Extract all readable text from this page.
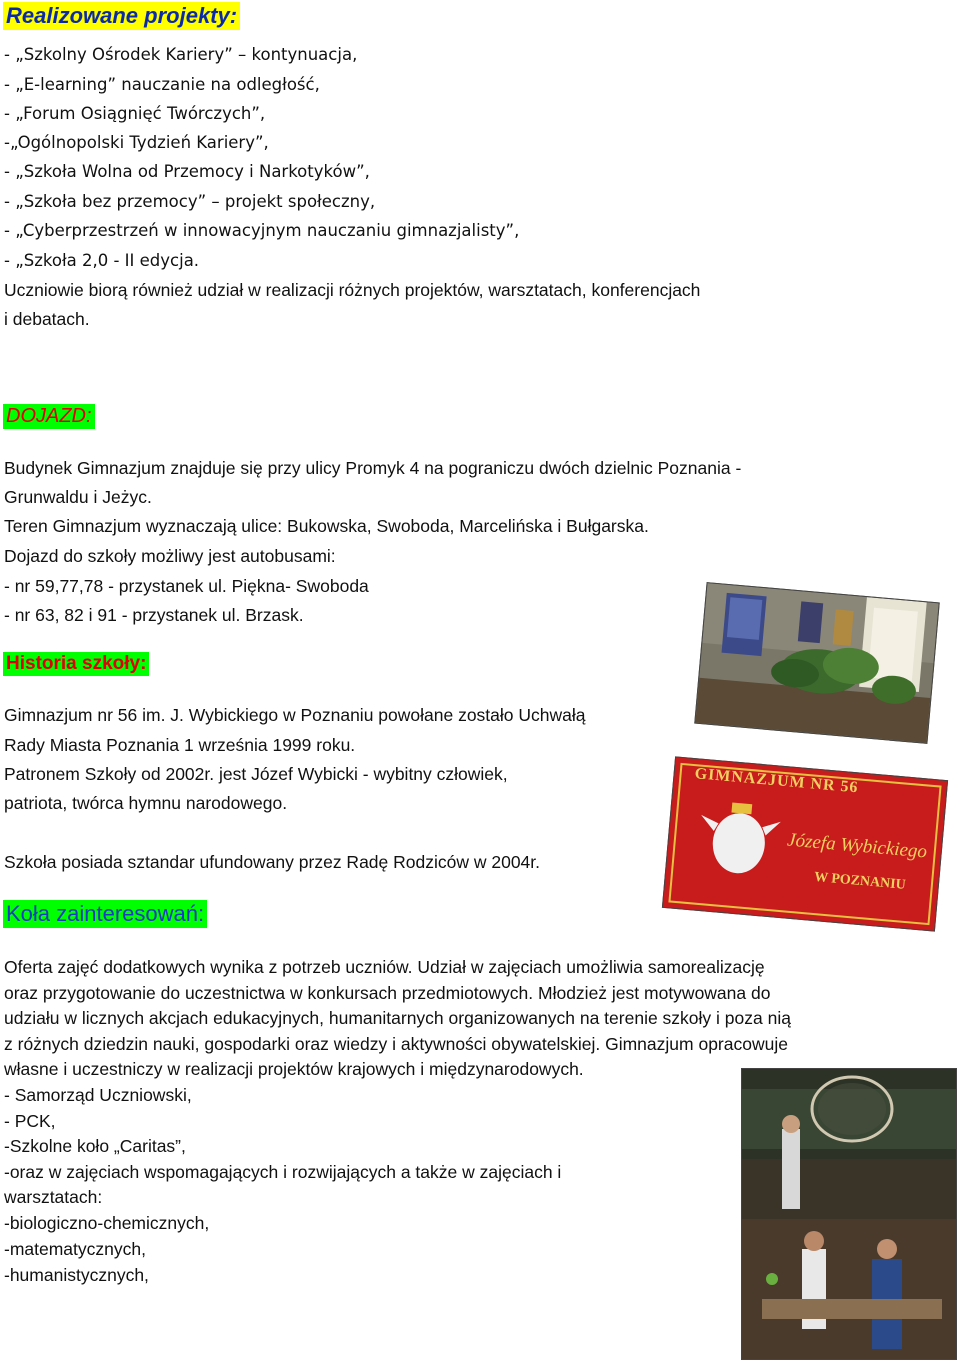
Realizowane projekty:
- „Szkolny Ośrodek Kariery” – kontynuacja,
- „E-learning” nauczanie na odległość,
- „Forum Osiągnięć Twórczych”,
-„Ogólnopolski Tydzień Kariery”,
- „Szkoła Wolna od Przemocy i Narkotyków”,
- „Szkoła bez przemocy” – projekt społeczny,
- „Cyberprzestrzeń w innowacyjnym nauczaniu gimnazjalisty”,
- „Szkoła 2,0 - II edycja.
Uczniowie biorą również udział w realizacji różnych projektów, warsztatach, konferencjach
i debatach.
DOJAZD:
Budynek Gimnazjum znajduje się przy ulicy Promyk 4 na pograniczu dwóch dzielnic Poznania -
Grunwaldu i Jeżyc.
Teren Gimnazjum wyznaczają ulice: Bukowska, Swoboda, Marcelińska i Bułgarska.
Dojazd do szkoły możliwy jest autobusami:
- nr 59,77,78 - przystanek ul. Piękna- Swoboda
- nr 63, 82 i 91 - przystanek ul. Brzask.
Historia szkoły:
Gimnazjum nr 56 im. J. Wybickiego w Poznaniu powołane zostało Uchwałą
Rady Miasta Poznania 1 września 1999 roku.
Patronem Szkoły od 2002r. jest Józef Wybicki - wybitny człowiek,
patriota, twórca hymnu narodowego.
Szkoła posiada sztandar ufundowany przez Radę Rodziców w 2004r.
Koła zainteresowań:
Oferta zajęć dodatkowych wynika z potrzeb uczniów. Udział w zajęciach umożliwia samorealizację
oraz przygotowanie do uczestnictwa w konkursach przedmiotowych. Młodzież jest motywowana do
udziału w licznych akcjach edukacyjnych, humanitarnych organizowanych na terenie szkoły i poza nią
z różnych dziedzin nauki, gospodarki oraz wiedzy i aktywności obywatelskiej. Gimnazjum opracowuje
własne i uczestniczy w realizacji projektów krajowych i międzynarodowych.
- Samorząd Uczniowski,
- PCK,
-Szkolne koło „Caritas”,
-oraz w zajęciach wspomagających i rozwijających a także w zajęciach i
warsztatach:
-biologiczno-chemicznych,
-matematycznych,
-humanistycznych,
GIMNAZJUM NR 56
Józefa Wybickiego
W POZNANIU
